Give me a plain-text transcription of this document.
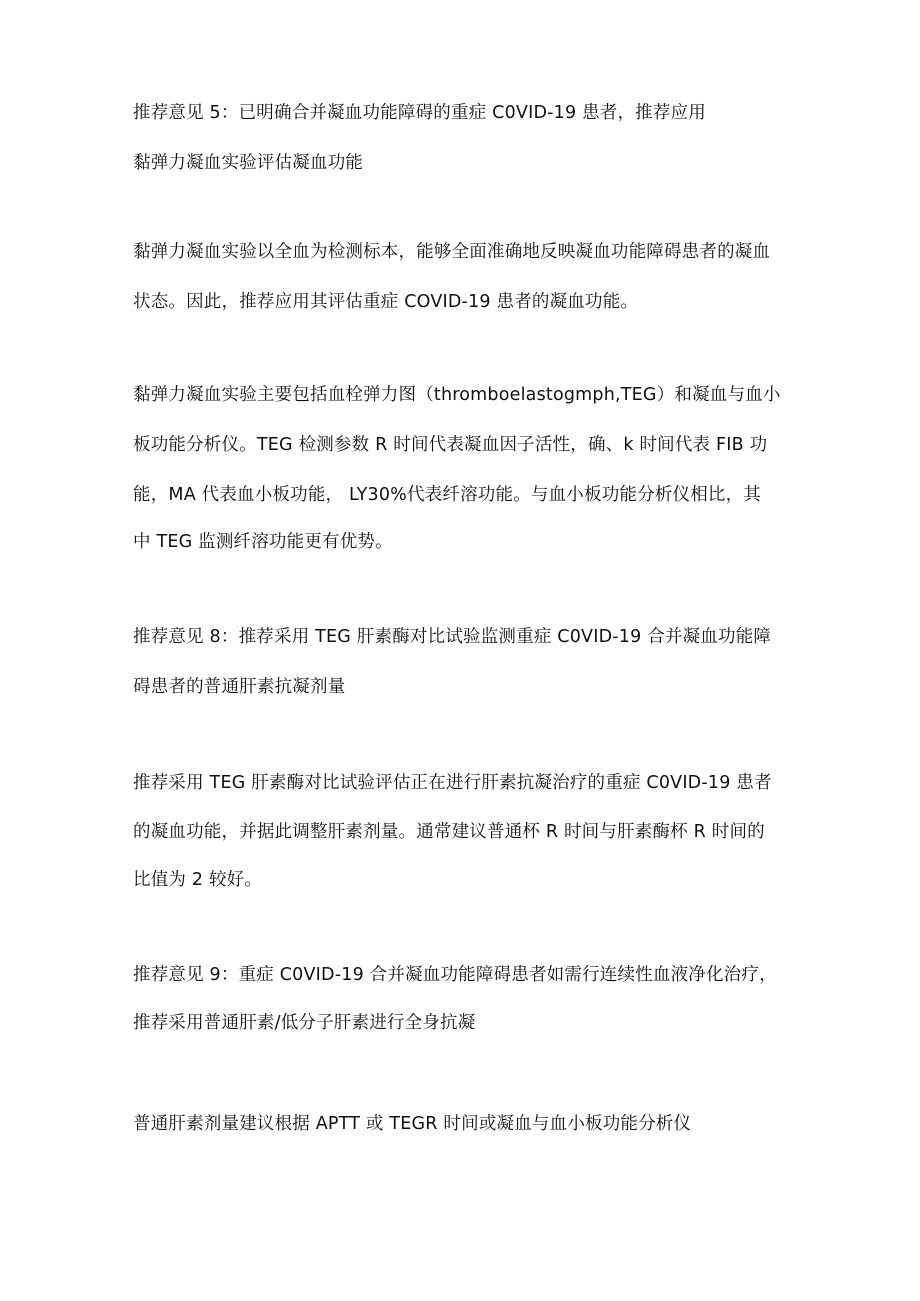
推荐意见 5：已明确合并凝血功能障碍的重症 C0VID-19 患者，推荐应用
黏弹力凝血实验评估凝血功能
黏弹力凝血实验以全血为检测标本，能够全面准确地反映凝血功能障碍患者的凝血
状态。因此，推荐应用其评估重症 COVID-19 患者的凝血功能。
黏弹力凝血实验主要包括血栓弹力图（thromboelastogmph,TEG）和凝血与血小
板功能分析仪。TEG 检测参数 R 时间代表凝血因子活性，确、k 时间代表 FIB 功
能，MA 代表血小板功能， LY30%代表纤溶功能。与血小板功能分析仪相比，其
中 TEG 监测纤溶功能更有优势。
推荐意见 8：推荐采用 TEG 肝素酶对比试验监测重症 C0VID-19 合并凝血功能障
碍患者的普通肝素抗凝剂量
推荐采用 TEG 肝素酶对比试验评估正在进行肝素抗凝治疗的重症 C0VID-19 患者
的凝血功能，并据此调整肝素剂量。通常建议普通杯 R 时间与肝素酶杯 R 时间的
比值为 2 较好。
推荐意见 9：重症 C0VID-19 合并凝血功能障碍患者如需行连续性血液净化治疗，
推荐采用普通肝素/低分子肝素进行全身抗凝
普通肝素剂量建议根据 APTT 或 TEGR 时间或凝血与血小板功能分析仪
